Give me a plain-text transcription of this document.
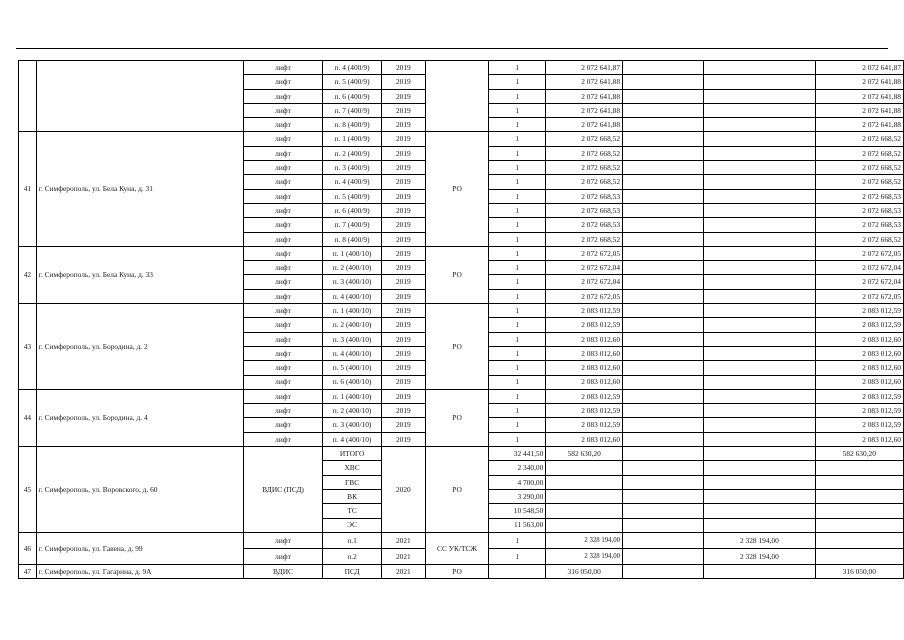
		лифт	п. 4 (400/9)	2019		1	2 072 641,87			2 072 641,87
		лифт	п. 5 (400/9)	2019		1	2 072 641,88			2 072 641,88
		лифт	п. 6 (400/9)	2019		1	2 072 641,88			2 072 641,88
		лифт	п. 7 (400/9)	2019		1	2 072 641,88			2 072 641,88
		лифт	п. 8 (400/9)	2019		1	2 072 641,88			2 072 641,88
41	г. Симферополь, ул. Бела Куна, д. 31	лифт	п. 1 (400/9)	2019	РО	1	2 072 668,52			2 072 668,52
		лифт	п. 2 (400/9)	2019		1	2 072 668,52			2 072 668,52
		лифт	п. 3 (400/9)	2019		1	2 072 668,52			2 072 668,52
		лифт	п. 4 (400/9)	2019		1	2 072 668,52			2 072 668,52
		лифт	п. 5 (400/9)	2019		1	2 072 668,53			2 072 668,53
		лифт	п. 6 (400/9)	2019		1	2 072 668,53			2 072 668,53
		лифт	п. 7 (400/9)	2019		1	2 072 668,53			2 072 668,53
		лифт	п. 8 (400/9)	2019		1	2 072 668,52			2 072 668,52
42	г. Симферополь, ул. Бела Куна, д. 33	лифт	п. 1 (400/10)	2019	РО	1	2 072 672,05			2 072 672,05
		лифт	п. 2 (400/10)	2019		1	2 072 672,04			2 072 672,04
		лифт	п. 3 (400/10)	2019		1	2 072 672,04			2 072 672,04
		лифт	п. 4 (400/10)	2019		1	2 072 672,05			2 072 672,05
43	г. Симферополь, ул. Бородина, д. 2	лифт	п. 1 (400/10)	2019	РО	1	2 083 012,59			2 083 012,59
		лифт	п. 2 (400/10)	2019		1	2 083 012,59			2 083 012,59
		лифт	п. 3 (400/10)	2019		1	2 083 012,60			2 083 012,60
		лифт	п. 4 (400/10)	2019		1	2 083 012,60			2 083 012,60
		лифт	п. 5 (400/10)	2019		1	2 083 012,60			2 083 012,60
		лифт	п. 6 (400/10)	2019		1	2 083 012,60			2 083 012,60
44	г. Симферополь, ул. Бородина, д. 4	лифт	п. 1 (400/10)	2019	РО	1	2 083 012,59			2 083 012,59
		лифт	п. 2 (400/10)	2019		1	2 083 012,59			2 083 012,59
		лифт	п. 3 (400/10)	2019		1	2 083 012,59			2 083 012,59
		лифт	п. 4 (400/10)	2019		1	2 083 012,60			2 083 012,60
45	г. Симферополь, ул. Воровского, д. 60	ВДИС (ПСД)	ИТОГО	2020	РО	32 441,50	582 630,20			582 630,20
			ХВС			2 340,00				
			ГВС			4 700,00				
			ВК			3 290,00				
			ТС			10 548,50				
			ЭС			11 563,00				
46	г. Симферополь, ул. Гавена, д. 99	лифт	п.1	2021	СС УК/ТСЖ	1	2 328 194,00		2 328 194,00	
		лифт	п.2	2021		1	2 328 194,00		2 328 194,00	
47	г. Симферополь, ул. Гагарина, д. 9А	ВДИС	ПСД	2021	РО		316 050,00			316 050,00
